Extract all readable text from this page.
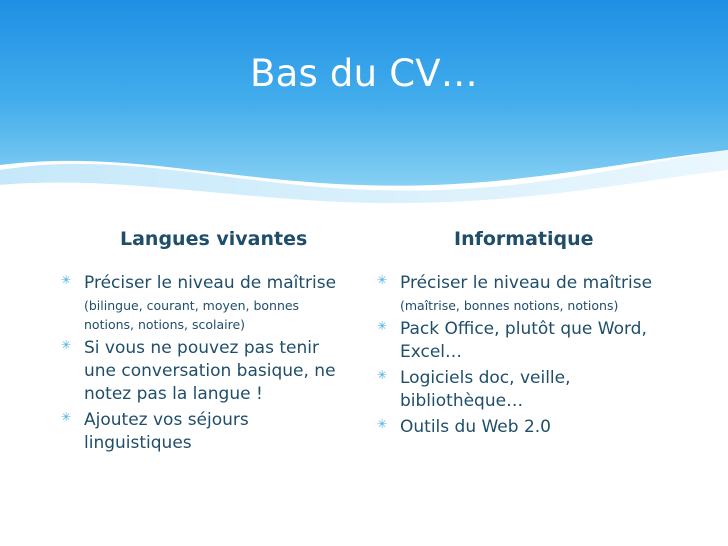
Bas du CV…
Langues vivantes
✳ Préciser le niveau de maîtrise
(bilingue, courant, moyen, bonnes notions, notions, scolaire)
✳ Si vous ne pouvez pas tenir une conversation basique, ne notez pas la langue !
✳ Ajoutez vos séjours linguistiques
Informatique
✳ Préciser le niveau de maîtrise
(maîtrise, bonnes notions, notions)
✳ Pack Office, plutôt que Word, Excel…
✳ Logiciels doc, veille, bibliothèque…
✳ Outils du Web 2.0
